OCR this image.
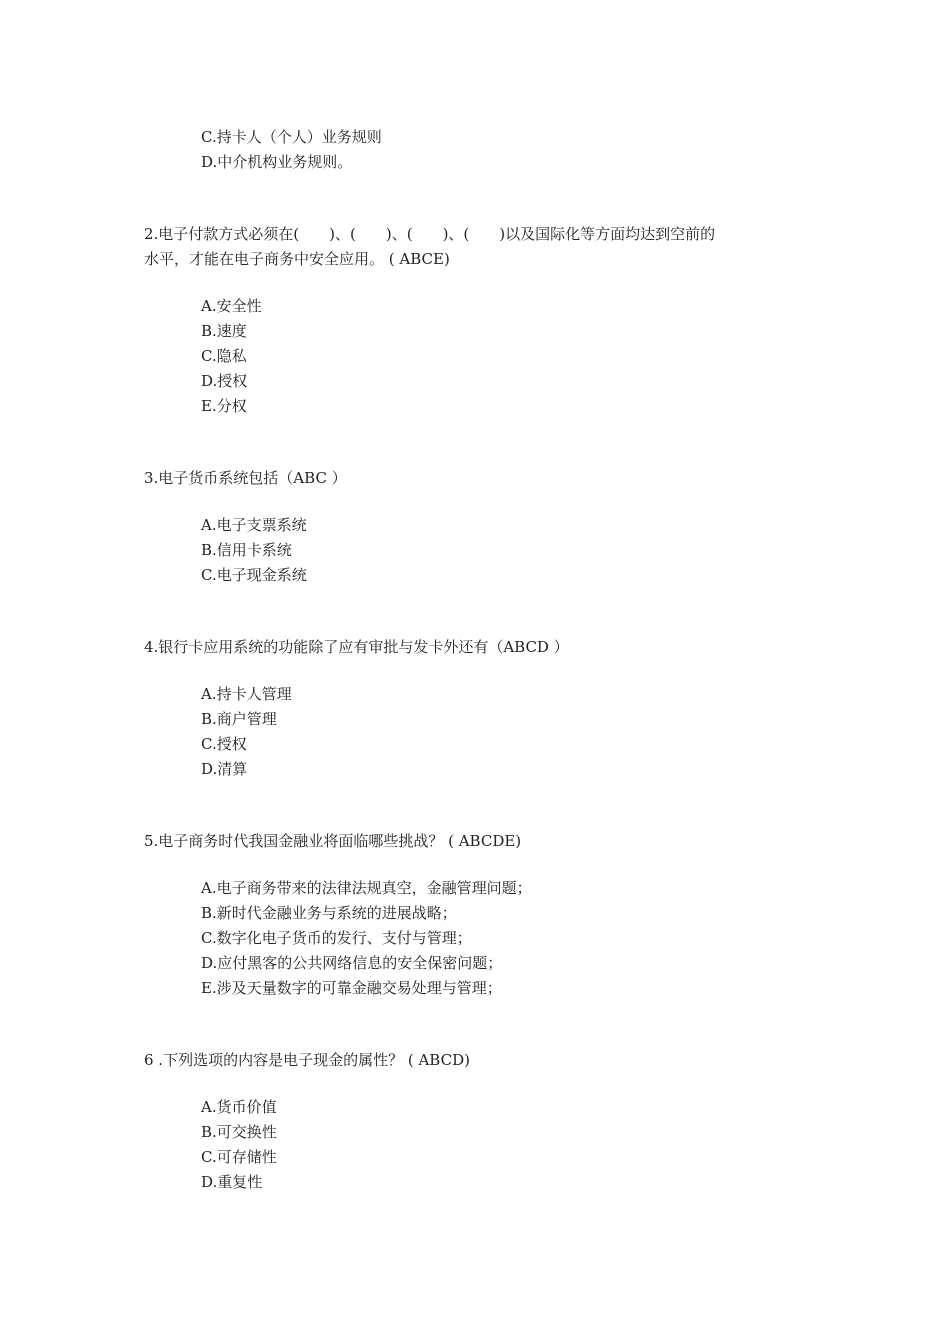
C.持卡人（个人）业务规则
D.中介机构业务规则。
2.电子付款方式必须在(　　)、(　　)、(　　)、(　　)以及国际化等方面均达到空前的
水平，才能在电子商务中安全应用。 ( ABCE)
A.安全性
B.速度
C.隐私
D.授权
E.分权
3.电子货币系统包括（ABC ）
A.电子支票系统
B.信用卡系统
C.电子现金系统
4.银行卡应用系统的功能除了应有审批与发卡外还有（ABCD ）
A.持卡人管理
B.商户管理
C.授权
D.清算
5.电子商务时代我国金融业将面临哪些挑战？ ( ABCDE)
A.电子商务带来的法律法规真空，金融管理问题；
B.新时代金融业务与系统的进展战略；
C.数字化电子货币的发行、支付与管理；
D.应付黑客的公共网络信息的安全保密问题；
E.涉及天量数字的可靠金融交易处理与管理；
6 .下列选项的内容是电子现金的属性？ ( ABCD)
A.货币价值
B.可交换性
C.可存储性
D.重复性
